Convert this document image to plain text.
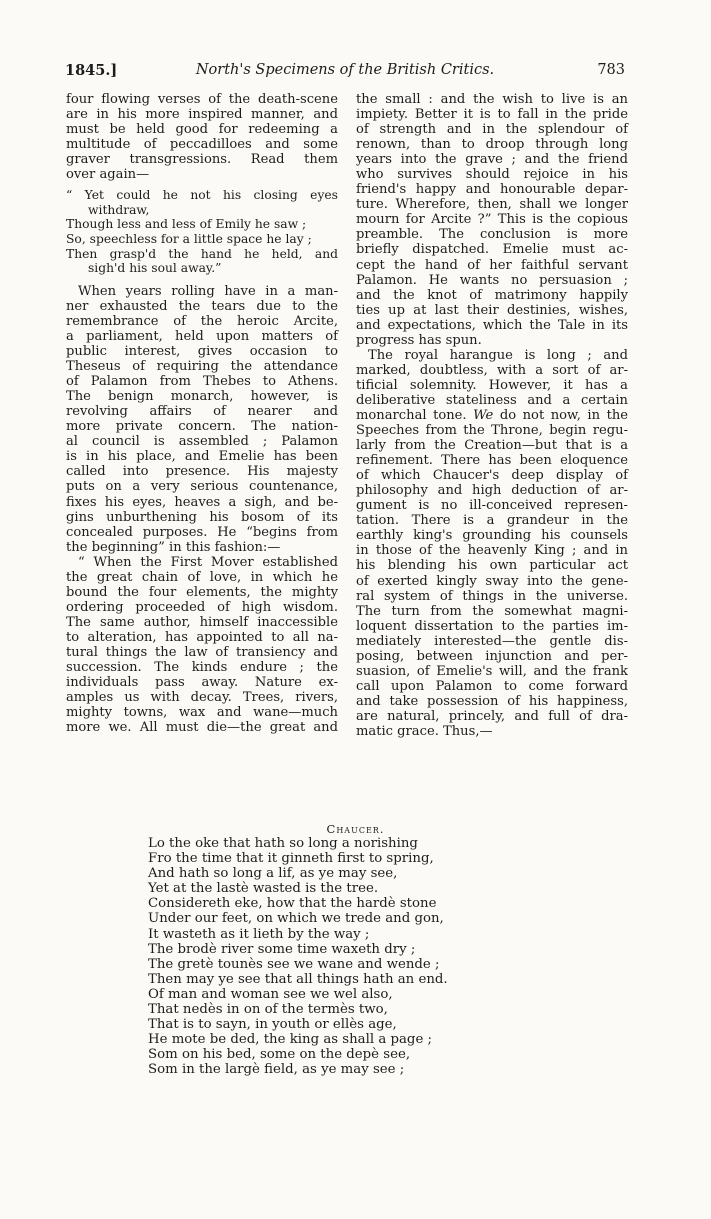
1845.]	North's Specimens of the British Critics.	783
four flowing verses of the death-scene
are in his more inspired manner, and
must be held good for redeeming a
multitude of peccadilloes and some
graver transgressions. Read them
over again—
“ Yet could he not his closing eyes
withdraw,
Though less and less of Emily he saw ;
So, speechless for a little space he lay ;
Then grasp'd the hand he held, and
sigh'd his soul away.”
When years rolling have in a man-
ner exhausted the tears due to the
remembrance of the heroic Arcite,
a parliament, held upon matters of
public interest, gives occasion to
Theseus of requiring the attendance
of Palamon from Thebes to Athens.
The benign monarch, however, is
revolving affairs of nearer and
more private concern. The nation-
al council is assembled ; Palamon
is in his place, and Emelie has been
called into presence. His majesty
puts on a very serious countenance,
fixes his eyes, heaves a sigh, and be-
gins unburthening his bosom of its
concealed purposes. He “begins from
the beginning” in this fashion:—
“ When the First Mover established
the great chain of love, in which he
bound the four elements, the mighty
ordering proceeded of high wisdom.
The same author, himself inaccessible
to alteration, has appointed to all na-
tural things the law of transiency and
succession. The kinds endure ; the
individuals pass away. Nature ex-
amples us with decay. Trees, rivers,
mighty towns, wax and wane—much
more we. All must die—the great and
the small : and the wish to live is an
impiety. Better it is to fall in the pride
of strength and in the splendour of
renown, than to droop through long
years into the grave ; and the friend
who survives should rejoice in his
friend's happy and honourable depar-
ture. Wherefore, then, shall we longer
mourn for Arcite ?” This is the copious
preamble. The conclusion is more
briefly dispatched. Emelie must ac-
cept the hand of her faithful servant
Palamon. He wants no persuasion ;
and the knot of matrimony happily
ties up at last their destinies, wishes,
and expectations, which the Tale in its
progress has spun.
The royal harangue is long ; and
marked, doubtless, with a sort of ar-
tificial solemnity. However, it has a
deliberative stateliness and a certain
monarchal tone. We do not now, in the
Speeches from the Throne, begin regu-
larly from the Creation—but that is a
refinement. There has been eloquence
of which Chaucer's deep display of
philosophy and high deduction of ar-
gument is no ill-conceived represen-
tation. There is a grandeur in the
earthly king's grounding his counsels
in those of the heavenly King ; and in
his blending his own particular act
of exerted kingly sway into the gene-
ral system of things in the universe.
The turn from the somewhat magni-
loquent dissertation to the parties im-
mediately interested—the gentle dis-
posing, between injunction and per-
suasion, of Emelie's will, and the frank
call upon Palamon to come forward
and take possession of his happiness,
are natural, princely, and full of dra-
matic grace. Thus,—
Chaucer.
Lo the oke that hath so long a norishing
Fro the time that it ginneth first to spring,
And hath so long a lif, as ye may see,
Yet at the lastè wasted is the tree.
Considereth eke, how that the hardè stone
Under our feet, on which we trede and gon,
It wasteth as it lieth by the way ;
The brodè river some time waxeth dry ;
The gretè tounès see we wane and wende ;
Then may ye see that all things hath an end.
Of man and woman see we wel also,
That nedès in on of the termès two,
That is to sayn, in youth or ellès age,
He mote be ded, the king as shall a page ;
Som on his bed, some on the depè see,
Som in the largè field, as ye may see ;
